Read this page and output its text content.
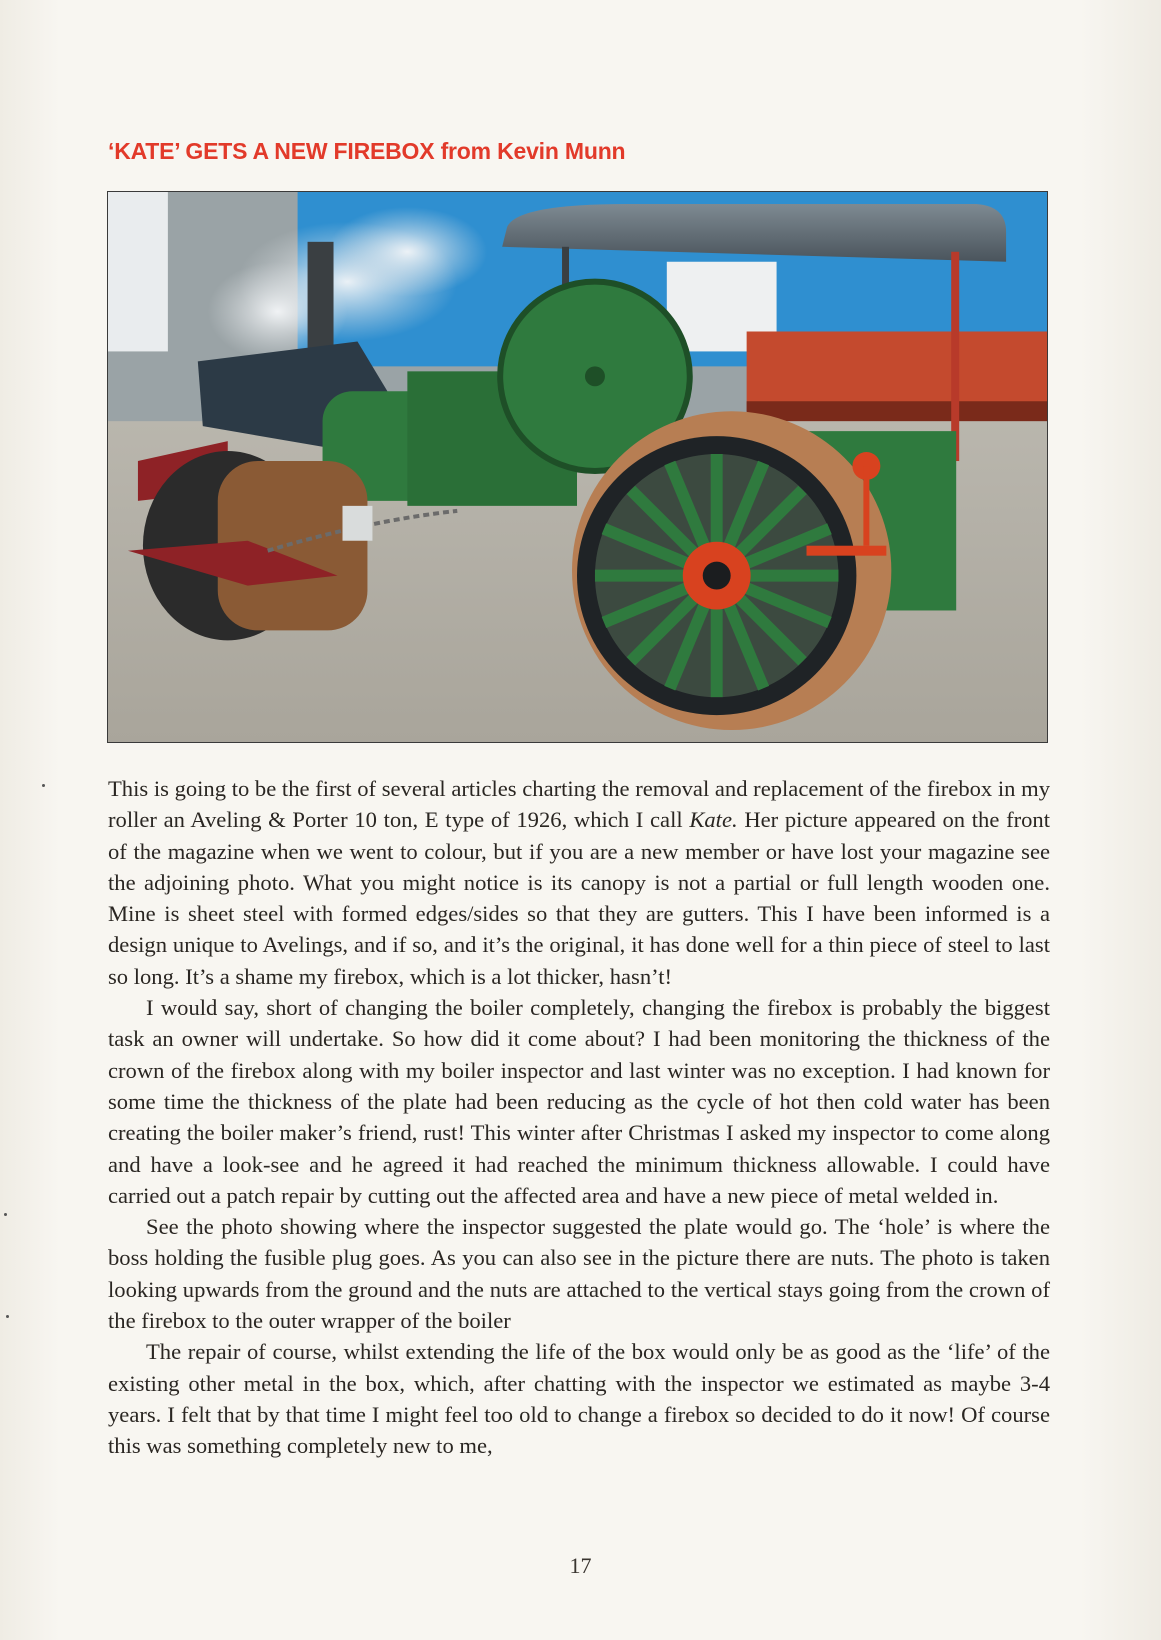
‘KATE’ GETS A NEW FIREBOX from Kevin Munn

This is going to be the first of several articles charting the removal and replacement of the firebox in my roller an Aveling & Porter 10 ton, E type of 1926, which I call Kate. Her picture appeared on the front of the magazine when we went to colour, but if you are a new member or have lost your magazine see the adjoining photo. What you might notice is its canopy is not a partial or full length wooden one. Mine is sheet steel with formed edges/sides so that they are gutters. This I have been informed is a design unique to Avelings, and if so, and it’s the original, it has done well for a thin piece of steel to last so long. It’s a shame my firebox, which is a lot thicker, hasn’t!

I would say, short of changing the boiler completely, changing the firebox is probably the biggest task an owner will undertake. So how did it come about? I had been monitoring the thickness of the crown of the firebox along with my boiler inspector and last winter was no exception. I had known for some time the thickness of the plate had been reducing as the cycle of hot then cold water has been creating the boiler maker’s friend, rust! This winter after Christmas I asked my inspector to come along and have a look-see and he agreed it had reached the minimum thickness allowable. I could have carried out a patch repair by cutting out the affected area and have a new piece of metal welded in.

See the photo showing where the inspector suggested the plate would go. The ‘hole’ is where the boss holding the fusible plug goes. As you can also see in the picture there are nuts. The photo is taken looking upwards from the ground and the nuts are attached to the vertical stays going from the crown of the firebox to the outer wrapper of the boiler

The repair of course, whilst extending the life of the box would only be as good as the ‘life’ of the existing other metal in the box, which, after chatting with the inspector we estimated as maybe 3-4 years. I felt that by that time I might feel too old to change a firebox so decided to do it now! Of course this was something completely new to me,

17
